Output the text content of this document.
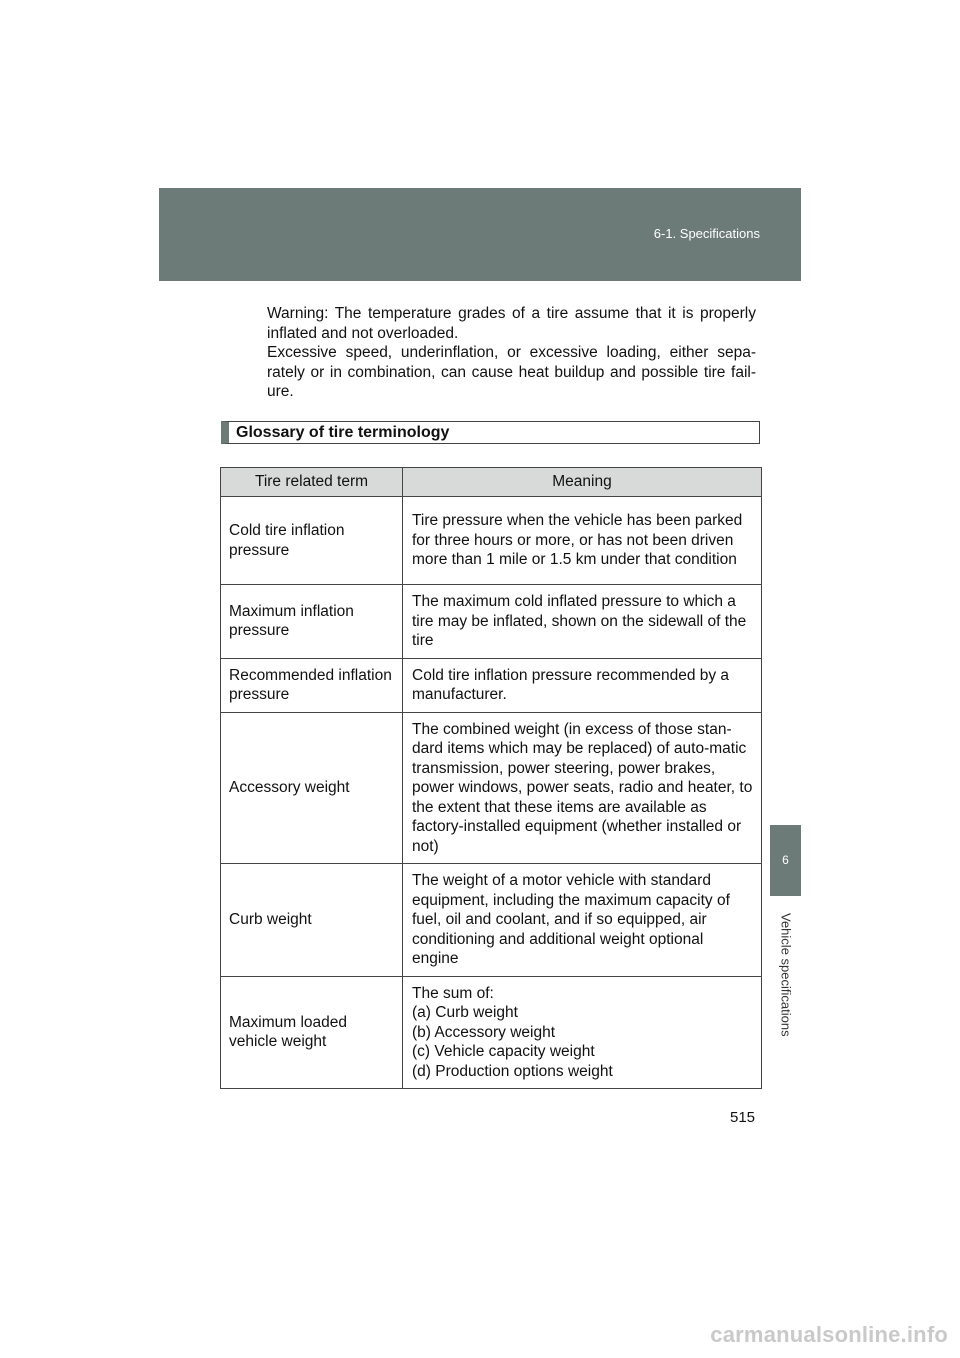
6-1. Specifications
6
Vehicle specifications

Warning: The temperature grades of a tire assume that it is properly inflated and not overloaded.

Excessive speed, underinflation, or excessive loading, either sepa-rately or in combination, can cause heat buildup and possible tire fail-ure.

Glossary of tire terminology
Tire related term	Meaning
Cold tire inflation pressure	Tire pressure when the vehicle has been parked for three hours or more, or has not been driven more than 1 mile or 1.5 km under that condition
Maximum inflation pressure	The maximum cold inflated pressure to which a tire may be inflated, shown on the sidewall of the tire
Recommended inflation pressure	Cold tire inflation pressure recommended by a manufacturer.
Accessory weight	The combined weight (in excess of those stan-dard items which may be replaced) of auto-matic transmission, power steering, power brakes, power windows, power seats, radio and heater, to the extent that these items are available as factory-installed equipment (whether installed or not)
Curb weight	The weight of a motor vehicle with standard equipment, including the maximum capacity of fuel, oil and coolant, and if so equipped, air conditioning and additional weight optional engine
Maximum loaded vehicle weight	The sum of:
(a) Curb weight
(b) Accessory weight
(c) Vehicle capacity weight
(d) Production options weight
515
carmanualsonline.info
